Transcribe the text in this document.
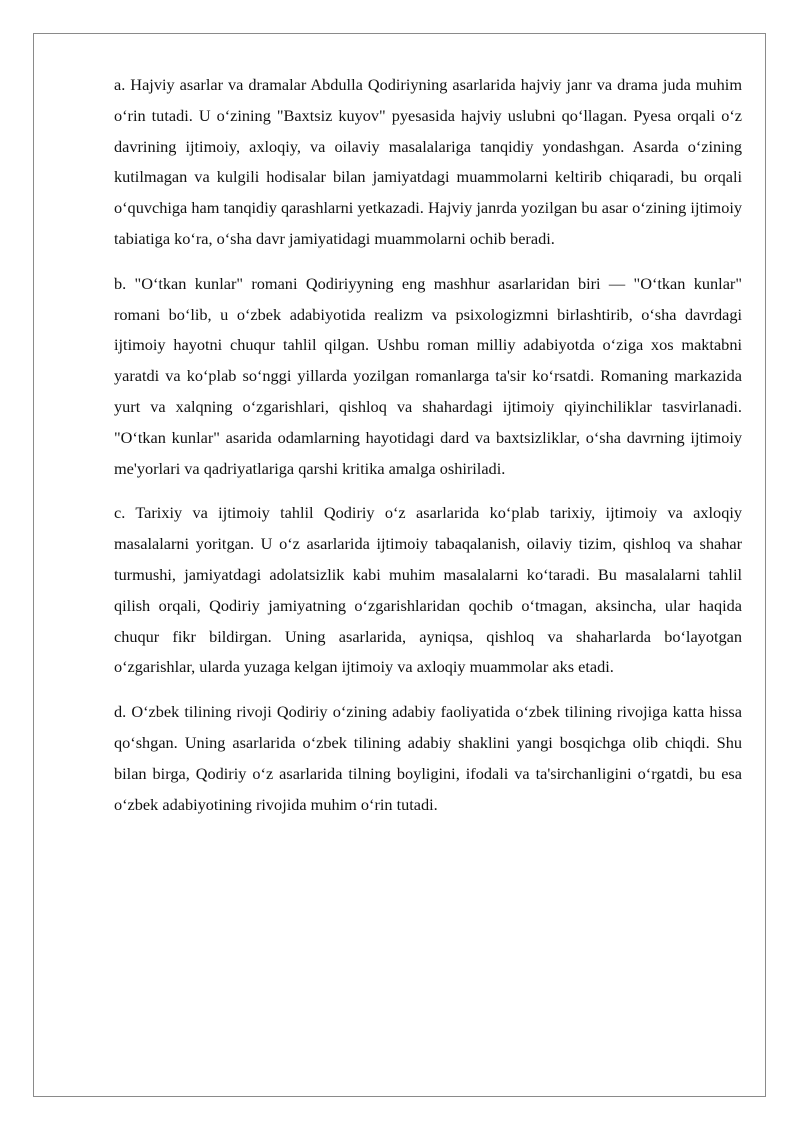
a. Hajviy asarlar va dramalar Abdulla Qodiriyning asarlarida hajviy janr va drama juda muhim o‘rin tutadi. U o‘zining "Baxtsiz kuyov" pyesasida hajviy uslubni qo‘llagan. Pyesa orqali o‘z davrining ijtimoiy, axloqiy, va oilaviy masalalariga tanqidiy yondashgan. Asarda o‘zining kutilmagan va kulgili hodisalar bilan jamiyatdagi muammolarni keltirib chiqaradi, bu orqali o‘quvchiga ham tanqidiy qarashlarni yetkazadi. Hajviy janrda yozilgan bu asar o‘zining ijtimoiy tabiatiga ko‘ra, o‘sha davr jamiyatidagi muammolarni ochib beradi.

b. "O‘tkan kunlar" romani Qodiriyyning eng mashhur asarlaridan biri — "O‘tkan kunlar" romani bo‘lib, u o‘zbek adabiyotida realizm va psixologizmni birlashtirib, o‘sha davrdagi ijtimoiy hayotni chuqur tahlil qilgan. Ushbu roman milliy adabiyotda o‘ziga xos maktabni yaratdi va ko‘plab so‘nggi yillarda yozilgan romanlarga ta'sir ko‘rsatdi. Romaning markazida yurt va xalqning o‘zgarishlari, qishloq va shahardagi ijtimoiy qiyinchiliklar tasvirlanadi. "O‘tkan kunlar" asarida odamlarning hayotidagi dard va baxtsizliklar, o‘sha davrning ijtimoiy me'yorlari va qadriyatlariga qarshi kritika amalga oshiriladi.

c. Tarixiy va ijtimoiy tahlil Qodiriy o‘z asarlarida ko‘plab tarixiy, ijtimoiy va axloqiy masalalarni yoritgan. U o‘z asarlarida ijtimoiy tabaqalanish, oilaviy tizim, qishloq va shahar turmushi, jamiyatdagi adolatsizlik kabi muhim masalalarni ko‘taradi. Bu masalalarni tahlil qilish orqali, Qodiriy jamiyatning o‘zgarishlaridan qochib o‘tmagan, aksincha, ular haqida chuqur fikr bildirgan. Uning asarlarida, ayniqsa, qishloq va shaharlarda bo‘layotgan o‘zgarishlar, ularda yuzaga kelgan ijtimoiy va axloqiy muammolar aks etadi.

d. O‘zbek tilining rivoji Qodiriy o‘zining adabiy faoliyatida o‘zbek tilining rivojiga katta hissa qo‘shgan. Uning asarlarida o‘zbek tilining adabiy shaklini yangi bosqichga olib chiqdi. Shu bilan birga, Qodiriy o‘z asarlarida tilning boyligini, ifodali va ta'sirchanligini o‘rgatdi, bu esa o‘zbek adabiyotining rivojida muhim o‘rin tutadi.
